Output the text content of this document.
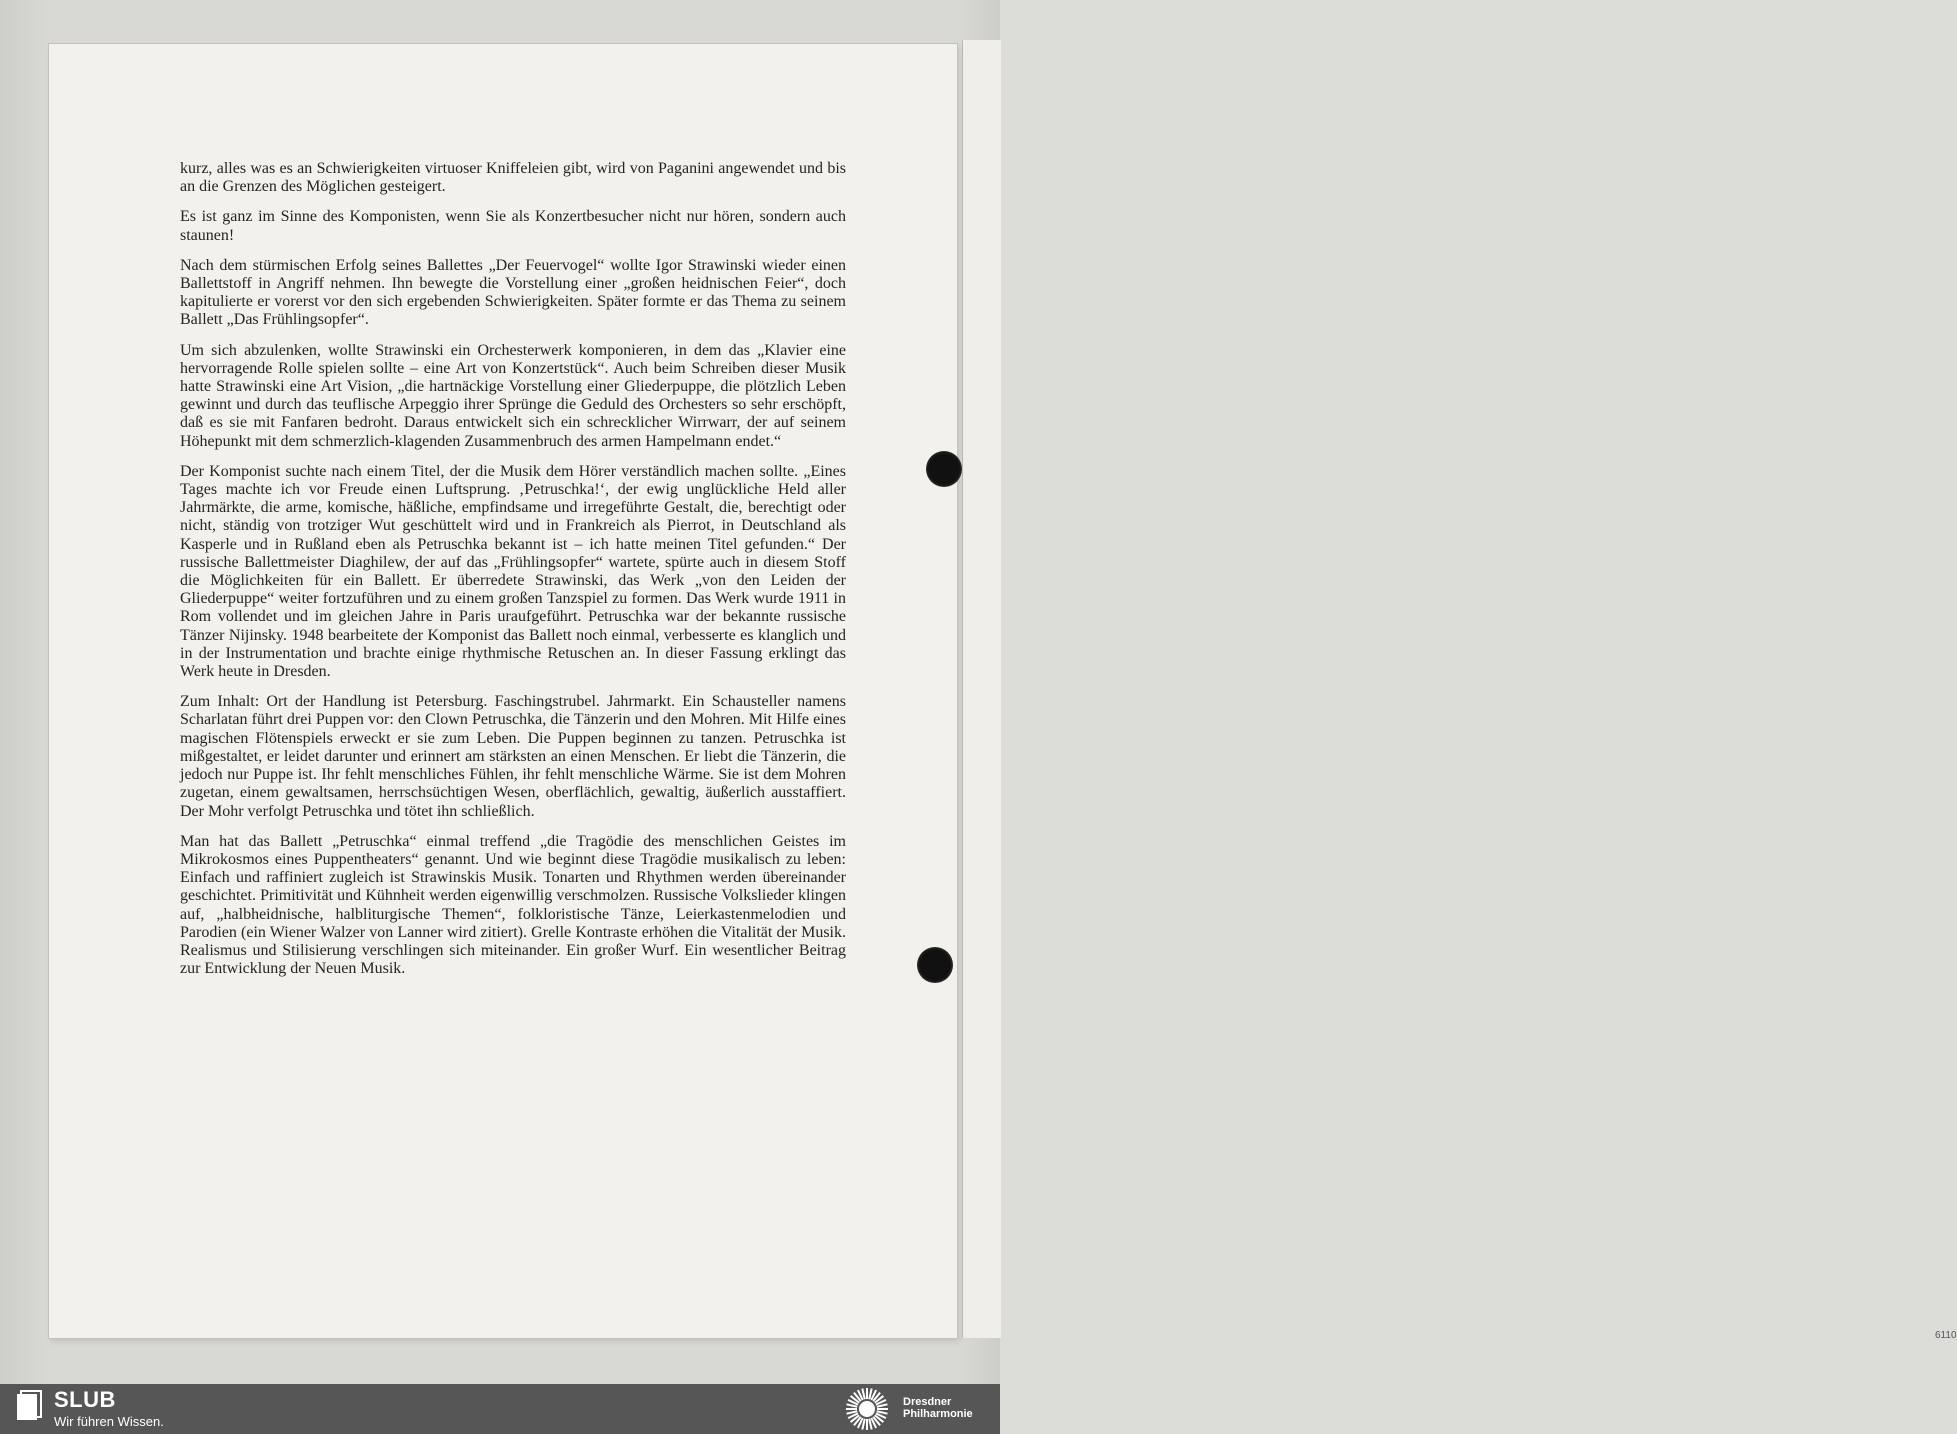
6110

kurz, alles was es an Schwierigkeiten virtuoser Kniffeleien gibt, wird von Paganini angewendet und bis an die Grenzen des Möglichen gesteigert.

Es ist ganz im Sinne des Komponisten, wenn Sie als Konzertbesucher nicht nur hören, sondern auch staunen!

Nach dem stürmischen Erfolg seines Ballettes „Der Feuervogel“ wollte Igor Strawinski wieder einen Ballettstoff in Angriff nehmen. Ihn bewegte die Vorstellung einer „großen heidnischen Feier“, doch kapitulierte er vorerst vor den sich ergebenden Schwierigkeiten. Später formte er das Thema zu seinem Ballett „Das Frühlingsopfer“.

Um sich abzulenken, wollte Strawinski ein Orchesterwerk komponieren, in dem das „Klavier eine hervorragende Rolle spielen sollte – eine Art von Konzertstück“. Auch beim Schreiben dieser Musik hatte Strawinski eine Art Vision, „die hartnäckige Vorstellung einer Gliederpuppe, die plötzlich Leben gewinnt und durch das teuflische Arpeggio ihrer Sprünge die Geduld des Orchesters so sehr erschöpft, daß es sie mit Fanfaren bedroht. Daraus entwickelt sich ein schrecklicher Wirrwarr, der auf seinem Höhepunkt mit dem schmerzlich-klagenden Zusammenbruch des armen Hampelmann endet.“

Der Komponist suchte nach einem Titel, der die Musik dem Hörer verständlich machen sollte. „Eines Tages machte ich vor Freude einen Luftsprung. ‚Petruschka!‘, der ewig unglückliche Held aller Jahrmärkte, die arme, komische, häßliche, empfindsame und irregeführte Gestalt, die, berechtigt oder nicht, ständig von trotziger Wut geschüttelt wird und in Frankreich als Pierrot, in Deutschland als Kasperle und in Rußland eben als Petruschka bekannt ist – ich hatte meinen Titel gefunden.“ Der russische Ballettmeister Diaghilew, der auf das „Frühlingsopfer“ wartete, spürte auch in diesem Stoff die Möglichkeiten für ein Ballett. Er überredete Strawinski, das Werk „von den Leiden der Gliederpuppe“ weiter fortzuführen und zu einem großen Tanzspiel zu formen. Das Werk wurde 1911 in Rom vollendet und im gleichen Jahre in Paris uraufgeführt. Petruschka war der bekannte russische Tänzer Nijinsky. 1948 bearbeitete der Komponist das Ballett noch einmal, verbesserte es klanglich und in der Instrumentation und brachte einige rhythmische Retuschen an. In dieser Fassung erklingt das Werk heute in Dresden.

Zum Inhalt: Ort der Handlung ist Petersburg. Faschingstrubel. Jahrmarkt. Ein Schausteller namens Scharlatan führt drei Puppen vor: den Clown Petruschka, die Tänzerin und den Mohren. Mit Hilfe eines magischen Flötenspiels erweckt er sie zum Leben. Die Puppen beginnen zu tanzen. Petruschka ist mißgestaltet, er leidet darunter und erinnert am stärksten an einen Menschen. Er liebt die Tänzerin, die jedoch nur Puppe ist. Ihr fehlt menschliches Fühlen, ihr fehlt menschliche Wärme. Sie ist dem Mohren zugetan, einem gewaltsamen, herrschsüchtigen Wesen, oberflächlich, gewaltig, äußerlich ausstaffiert. Der Mohr verfolgt Petruschka und tötet ihn schließlich.

Man hat das Ballett „Petruschka“ einmal treffend „die Tragödie des menschlichen Geistes im Mikrokosmos eines Puppentheaters“ genannt. Und wie beginnt diese Tragödie musikalisch zu leben: Einfach und raffiniert zugleich ist Strawinskis Musik. Tonarten und Rhythmen werden übereinander geschichtet. Primitivität und Kühnheit werden eigenwillig verschmolzen. Russische Volkslieder klingen auf, „halbheidnische, halbliturgische Themen“, folkloristische Tänze, Leierkastenmelodien und Parodien (ein Wiener Walzer von Lanner wird zitiert). Grelle Kontraste erhöhen die Vitalität der Musik. Realismus und Stilisierung verschlingen sich miteinander. Ein großer Wurf. Ein wesentlicher Beitrag zur Entwicklung der Neuen Musik.

SLUB
Wir führen Wissen.
Dresdner
Philharmonie
